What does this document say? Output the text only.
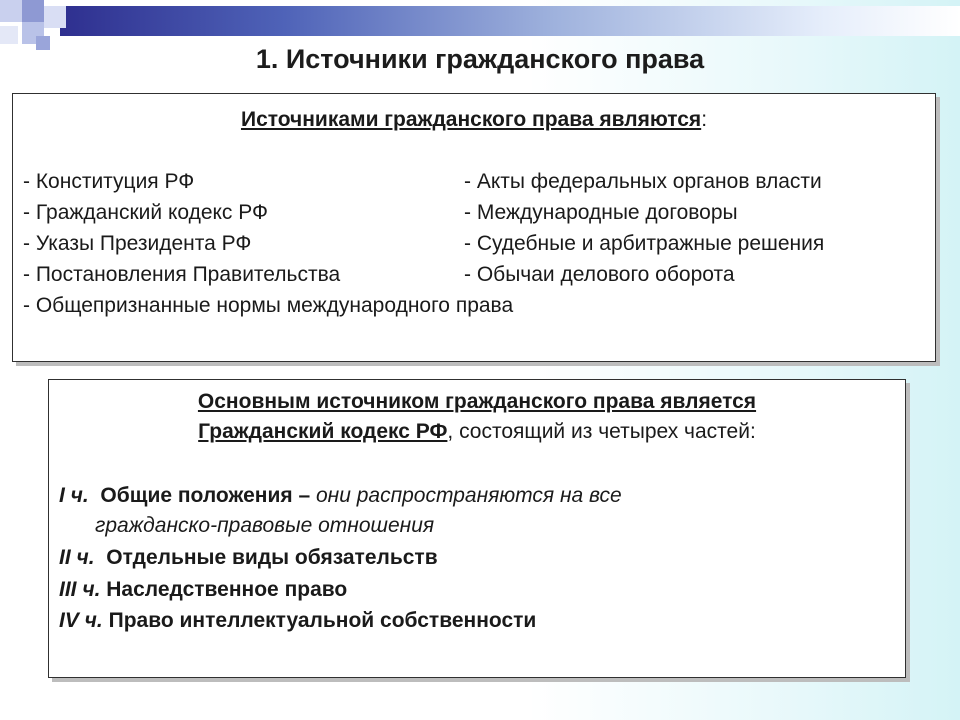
1. Источники гражданского права
Источниками гражданского права являются:
- Конституция РФ
- Гражданский кодекс РФ
- Указы Президента РФ
- Постановления Правительства
- Общепризнанные нормы международного права
- Акты федеральных органов власти
- Международные договоры
- Судебные и арбитражные решения
- Обычаи делового оборота
Основным источником гражданского права является
Гражданский кодекс РФ, состоящий из четырех частей:
I ч. Общие положения – они распространяются на все
гражданско-правовые отношения
II ч. Отдельные виды обязательств
III ч. Наследственное право
IV ч. Право интеллектуальной собственности
